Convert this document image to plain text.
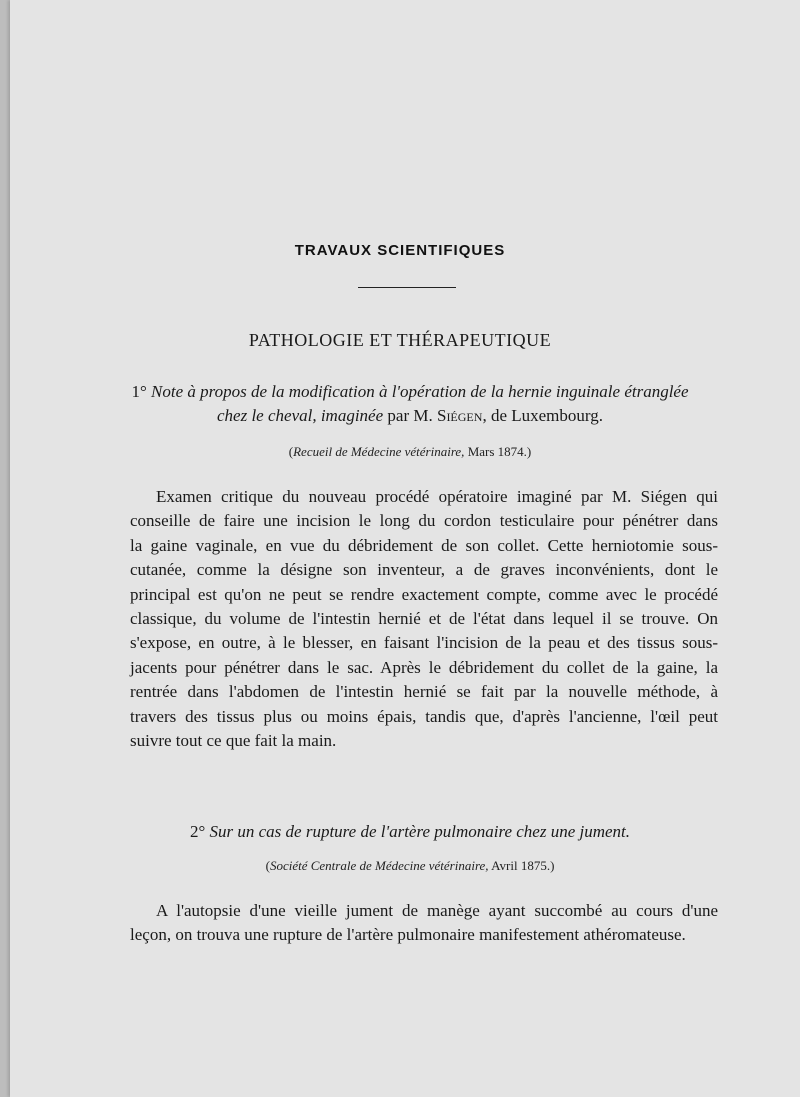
TRAVAUX SCIENTIFIQUES
PATHOLOGIE ET THÉRAPEUTIQUE
1° Note à propos de la modification à l'opération de la hernie inguinale étranglée
chez le cheval, imaginée par M. Siégen, de Luxembourg.
(Recueil de Médecine vétérinaire, Mars 1874.)
Examen critique du nouveau procédé opératoire imaginé par M. Siégen qui
conseille de faire une incision le long du cordon testiculaire pour pénétrer dans
la gaine vaginale, en vue du débridement de son collet. Cette herniotomie sous-
cutanée, comme la désigne son inventeur, a de graves inconvénients, dont le
principal est qu'on ne peut se rendre exactement compte, comme avec le procédé
classique, du volume de l'intestin hernié et de l'état dans lequel il se trouve. On
s'expose, en outre, à le blesser, en faisant l'incision de la peau et des tissus sous-
jacents pour pénétrer dans le sac. Après le débridement du collet de la gaine, la
rentrée dans l'abdomen de l'intestin hernié se fait par la nouvelle méthode, à
travers des tissus plus ou moins épais, tandis que, d'après l'ancienne, l'œil peut
suivre tout ce que fait la main.
2° Sur un cas de rupture de l'artère pulmonaire chez une jument.
(Société Centrale de Médecine vétérinaire, Avril 1875.)
A l'autopsie d'une vieille jument de manège ayant succombé au cours d'une
leçon, on trouva une rupture de l'artère pulmonaire manifestement athéromateuse.
